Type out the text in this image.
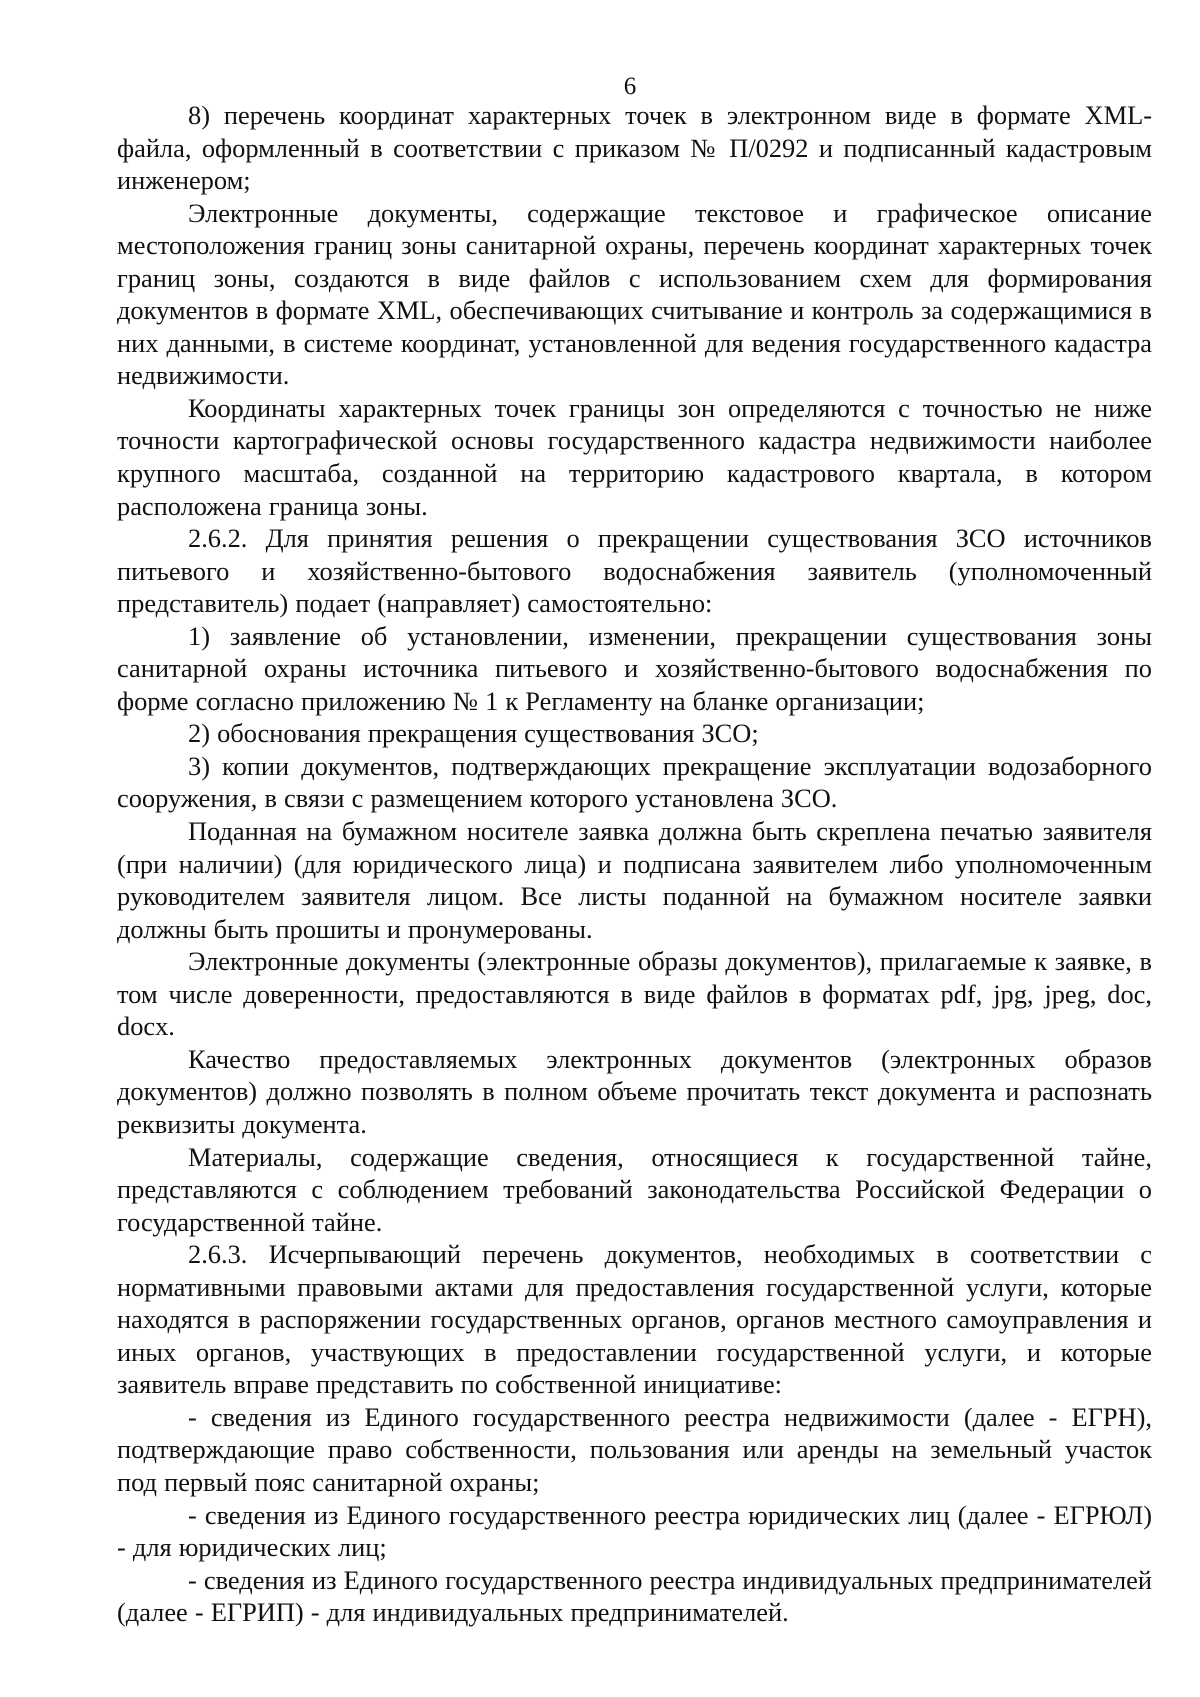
6

8) перечень координат характерных точек в электронном виде в формате XML-файла, оформленный в соответствии с приказом № П/0292 и подписанный кадастровым инженером;

Электронные документы, содержащие текстовое и графическое описание местоположения границ зоны санитарной охраны, перечень координат характерных точек границ зоны, создаются в виде файлов с использованием схем для формирования документов в формате XML, обеспечивающих считывание и контроль за содержащимися в них данными, в системе координат, установленной для ведения государственного кадастра недвижимости.

Координаты характерных точек границы зон определяются с точностью не ниже точности картографической основы государственного кадастра недвижимости наиболее крупного масштаба, созданной на территорию кадастрового квартала, в котором расположена граница зоны.

2.6.2. Для принятия решения о прекращении существования ЗСО источников питьевого и хозяйственно-бытового водоснабжения заявитель (уполномоченный представитель) подает (направляет) самостоятельно:

1) заявление об установлении, изменении, прекращении существования зоны санитарной охраны источника питьевого и хозяйственно-бытового водоснабжения по форме согласно приложению № 1 к Регламенту на бланке организации;

2) обоснования прекращения существования ЗСО;

3) копии документов, подтверждающих прекращение эксплуатации водозаборного сооружения, в связи с размещением которого установлена ЗСО.

Поданная на бумажном носителе заявка должна быть скреплена печатью заявителя (при наличии) (для юридического лица) и подписана заявителем либо уполномоченным руководителем заявителя лицом. Все листы поданной на бумажном носителе заявки должны быть прошиты и пронумерованы.

Электронные документы (электронные образы документов), прилагаемые к заявке, в том числе доверенности, предоставляются в виде файлов в форматах pdf, jpg, jpeg, doc, docx.

Качество предоставляемых электронных документов (электронных образов документов) должно позволять в полном объеме прочитать текст документа и распознать реквизиты документа.

Материалы, содержащие сведения, относящиеся к государственной тайне, представляются с соблюдением требований законодательства Российской Федерации о государственной тайне.

2.6.3. Исчерпывающий перечень документов, необходимых в соответствии с нормативными правовыми актами для предоставления государственной услуги, которые находятся в распоряжении государственных органов, органов местного самоуправления и иных органов, участвующих в предоставлении государственной услуги, и которые заявитель вправе представить по собственной инициативе:

- сведения из Единого государственного реестра недвижимости (далее - ЕГРН), подтверждающие право собственности, пользования или аренды на земельный участок под первый пояс санитарной охраны;

- сведения из Единого государственного реестра юридических лиц (далее - ЕГРЮЛ) - для юридических лиц;

- сведения из Единого государственного реестра индивидуальных предпринимателей (далее - ЕГРИП) - для индивидуальных предпринимателей.
